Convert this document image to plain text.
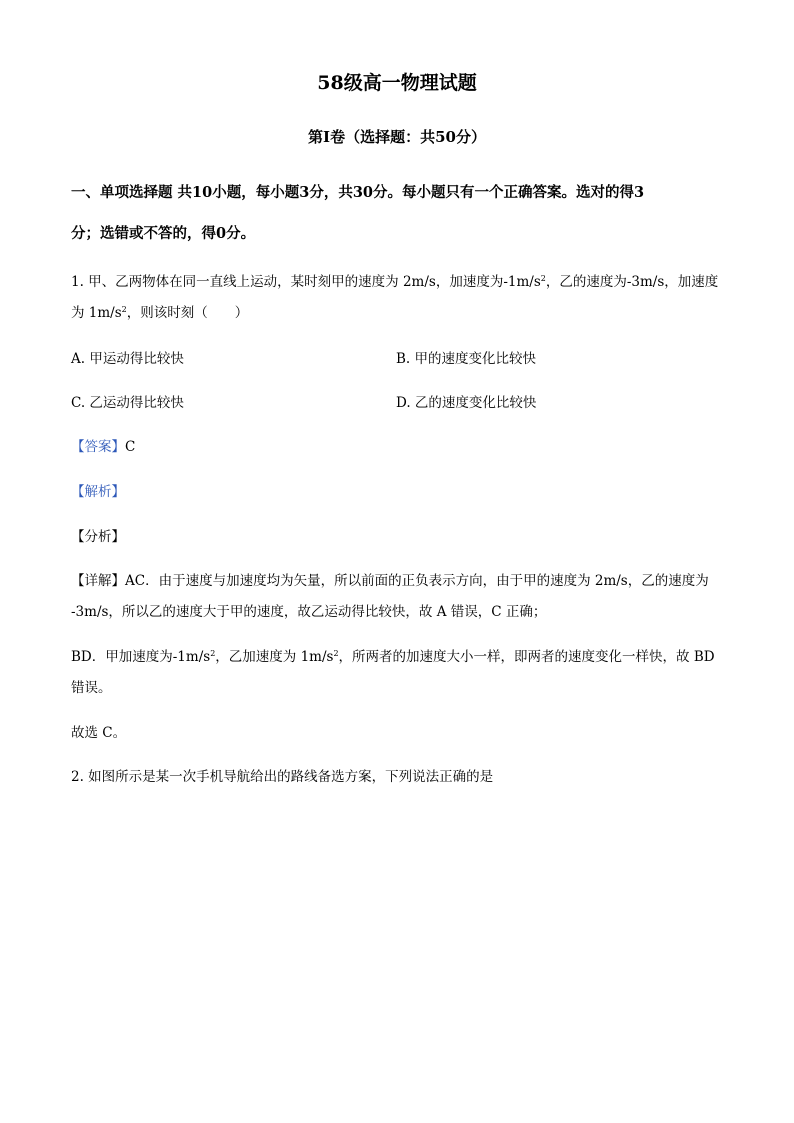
58级高一物理试题
第Ⅰ卷（选择题：共50分）
一、单项选择题 共10小题，每小题3分，共30分。每小题只有一个正确答案。选对的得3
分；选错或不答的，得0分。
1. 甲、乙两物体在同一直线上运动，某时刻甲的速度为 2m/s，加速度为$-1m/s^2$，乙的速度为-3m/s，加速度
为 $1m/s^2$，则该时刻（　　）
A. 甲运动得比较快	B. 甲的速度变化比较快
C. 乙运动得比较快	D. 乙的速度变化比较快
【答案】C
【解析】
【分析】
【详解】AC．由于速度与加速度均为矢量，所以前面的正负表示方向，由于甲的速度为 2m/s，乙的速度为
-3m/s，所以乙的速度大于甲的速度，故乙运动得比较快，故 A 错误，C 正确；
BD．甲加速度为$-1m/s^2$，乙加速度为 $1m/s^2$，所两者的加速度大小一样，即两者的速度变化一样快，故 BD
错误。
故选 C。
2. 如图所示是某一次手机导航给出的路线备选方案，下列说法正确的是
